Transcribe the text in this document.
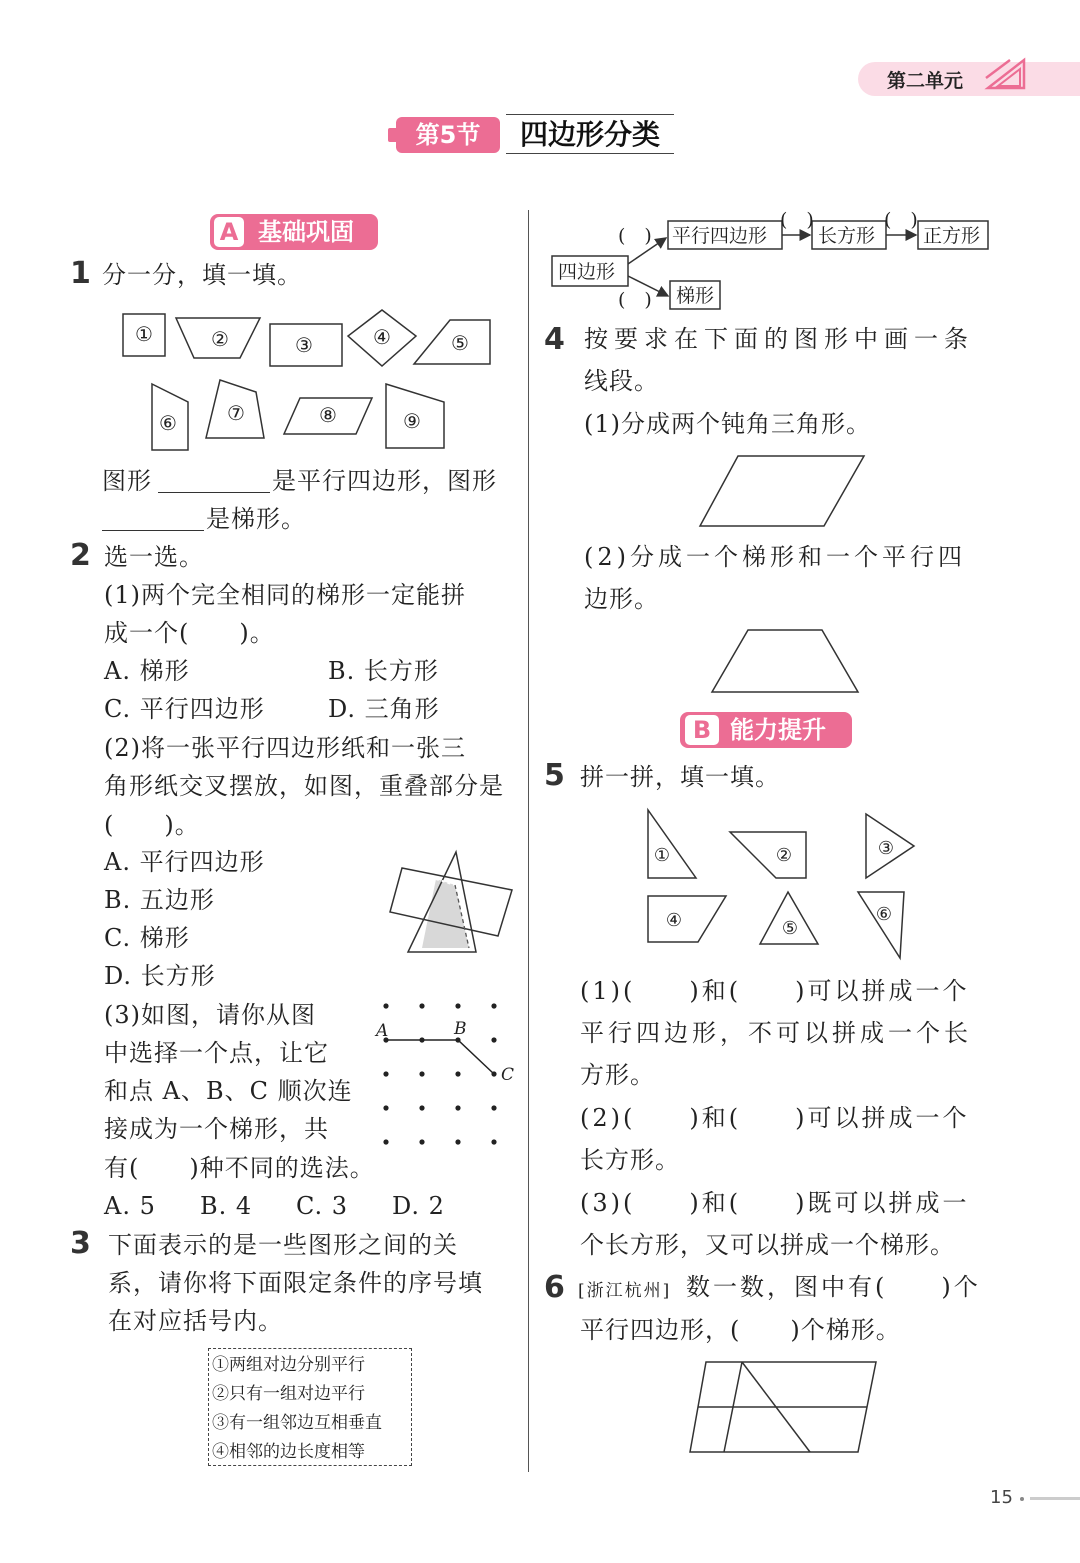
第二单元
第5节	四边形分类
A 基础巩固
1 分一分，填一填。
①	②	③	④	⑤
⑥	⑦	⑧	⑨
图形	是平行四边形，图形
是梯形。
2 选一选。
(1)两个完全相同的梯形一定能拼
成一个(　　)。
A. 梯形	B. 长方形
C. 平行四边形	D. 三角形
(2)将一张平行四边形纸和一张三
角形纸交叉摆放，如图，重叠部分是
(　　)。
A. 平行四边形
B. 五边形
C. 梯形
D. 长方形
(3)如图，请你从图
中选择一个点，让它
和点 A、B、C 顺次连
接成为一个梯形，共
有(　　)种不同的选法。
A	B
C
A. 5 B. 4 C. 3 D. 2
3 下面表示的是一些图形之间的关
系，请你将下面限定条件的序号填
在对应括号内。
①两组对边分别平行
②只有一组对边平行
③有一组邻边互相垂直
④相邻的边长度相等
四边形
平行四边形	长方形	正方形
梯形
(　)
(　)
(　)	(　)
4 按要求在下面的图形中画一条
线段。
(1)分成两个钝角三角形。
(2)分成一个梯形和一个平行四
边形。
B 能力提升
5 拼一拼，填一填。
①	②	③
④	⑤
⑥
(1)(　　)和(　　)可以拼成一个
平行四边形，不可以拼成一个长
方形。
(2)(　　)和(　　)可以拼成一个
长方形。
(3)(　　)和(　　)既可以拼成一
个长方形，又可以拼成一个梯形。
6 [浙江杭州] 数一数，图中有(　　)个
平行四边形，(　　)个梯形。
15
